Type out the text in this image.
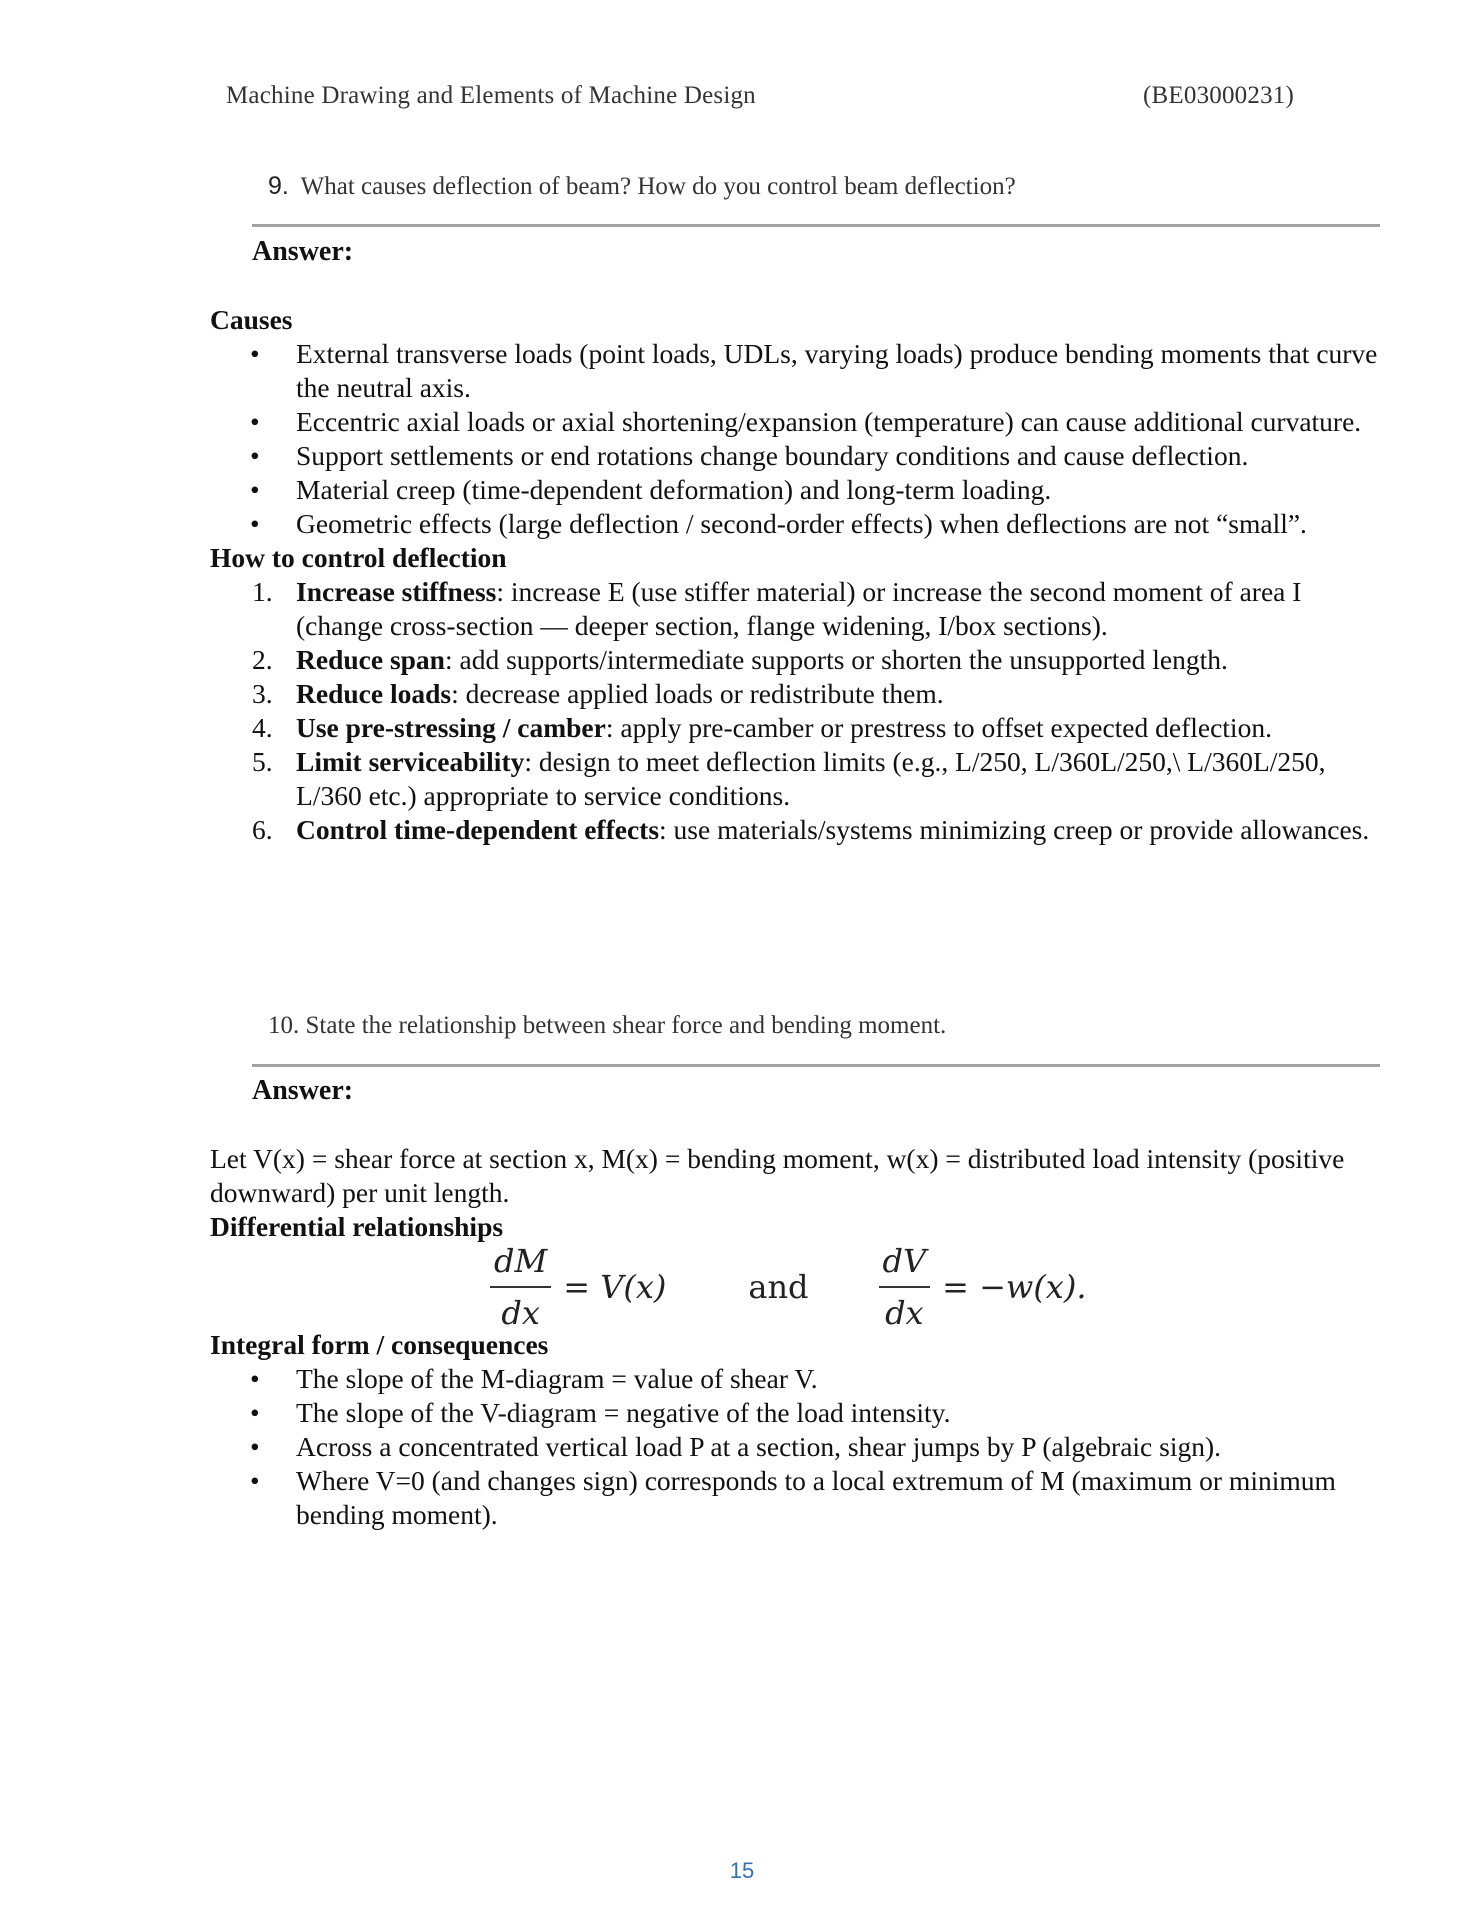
Machine Drawing and Elements of Machine Design	(BE03000231)
9. What causes deflection of beam? How do you control beam deflection?
Answer:
Causes
• External transverse loads (point loads, UDLs, varying loads) produce bending moments that curve the neutral axis.
• Eccentric axial loads or axial shortening/expansion (temperature) can cause additional curvature.
• Support settlements or end rotations change boundary conditions and cause deflection.
• Material creep (time-dependent deformation) and long-term loading.
• Geometric effects (large deflection / second-order effects) when deflections are not “small”.
How to control deflection
1. Increase stiffness: increase E (use stiffer material) or increase the second moment of area I (change cross-section — deeper section, flange widening, I/box sections).
2. Reduce span: add supports/intermediate supports or shorten the unsupported length.
3. Reduce loads: decrease applied loads or redistribute them.
4. Use pre-stressing / camber: apply pre-camber or prestress to offset expected deflection.
5. Limit serviceability: design to meet deflection limits (e.g., L/250, L/360L/250,\ L/360L/250, L/360 etc.) appropriate to service conditions.
6. Control time-dependent effects: use materials/systems minimizing creep or provide allowances.
10. State the relationship between shear force and bending moment.
Answer:

Let V(x) = shear force at section x, M(x) = bending moment, w(x) = distributed load intensity (positive downward) per unit length.

Differential relationships
$\frac{dM}{dx} = V(x)$	and $\frac{dV}{dx} = -w(x)$.
Integral form / consequences
• The slope of the M-diagram = value of shear V.
• The slope of the V-diagram = negative of the load intensity.
• Across a concentrated vertical load P at a section, shear jumps by P (algebraic sign).
• Where V=0 (and changes sign) corresponds to a local extremum of M (maximum or minimum bending moment).
15
